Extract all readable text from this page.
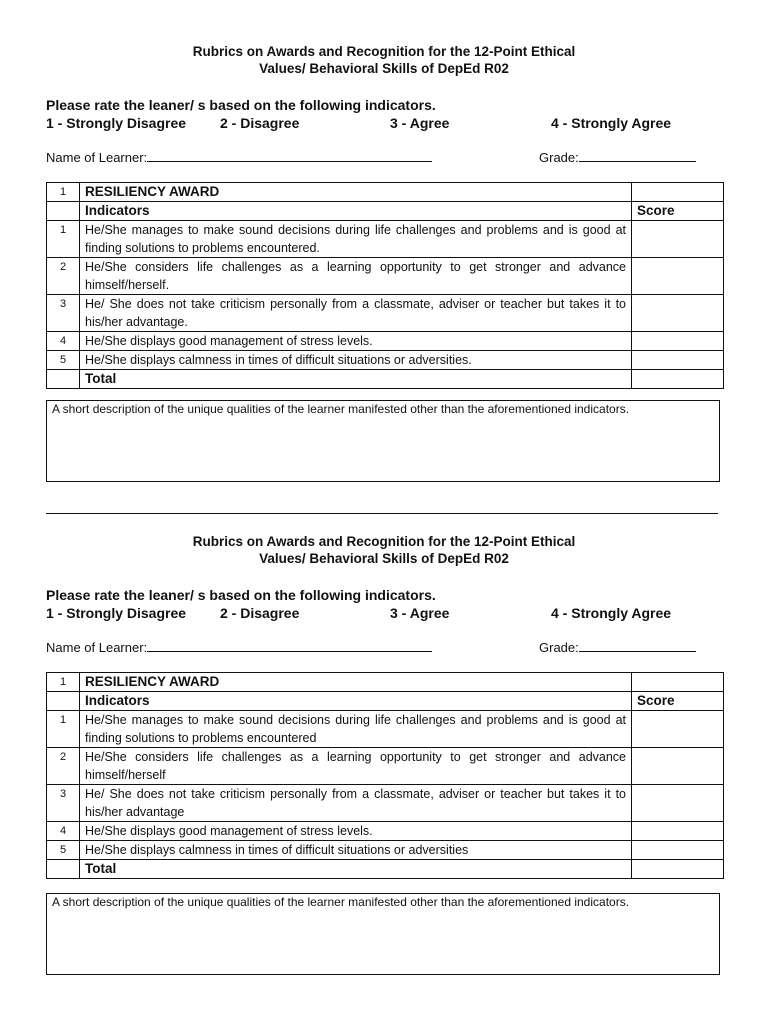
Rubrics on Awards and Recognition for the 12-Point Ethical
Values/ Behavioral Skills of DepEd R02
Please rate the leaner/ s based on the following indicators.
1 - Strongly Disagree 2 - Disagree	3 - Agree	4 - Strongly Agree
Name of Learner:	Grade:
1	RESILIENCY AWARD	
	Indicators	Score
1	He/She manages to make sound decisions during life challenges and problems and is good at finding solutions to problems encountered.	
2	He/She considers life challenges as a learning opportunity to get stronger and advance himself/herself.	
3	He/ She does not take criticism personally from a classmate, adviser or teacher but takes it to his/her advantage.	
4	He/She displays good management of stress levels.	
5	He/She displays calmness in times of difficult situations or adversities.	
	Total	
A short description of the unique qualities of the learner manifested other than the aforementioned indicators.
Rubrics on Awards and Recognition for the 12-Point Ethical
Values/ Behavioral Skills of DepEd R02
Please rate the leaner/ s based on the following indicators.
1 - Strongly Disagree 2 - Disagree	3 - Agree	4 - Strongly Agree
Name of Learner:	Grade:
1	RESILIENCY AWARD	
	Indicators	Score
1	He/She manages to make sound decisions during life challenges and problems and is good at finding solutions to problems encountered	
2	He/She considers life challenges as a learning opportunity to get stronger and advance himself/herself	
3	He/ She does not take criticism personally from a classmate, adviser or teacher but takes it to his/her advantage	
4	He/She displays good management of stress levels.	
5	He/She displays calmness in times of difficult situations or adversities	
	Total	
A short description of the unique qualities of the learner manifested other than the aforementioned indicators.
